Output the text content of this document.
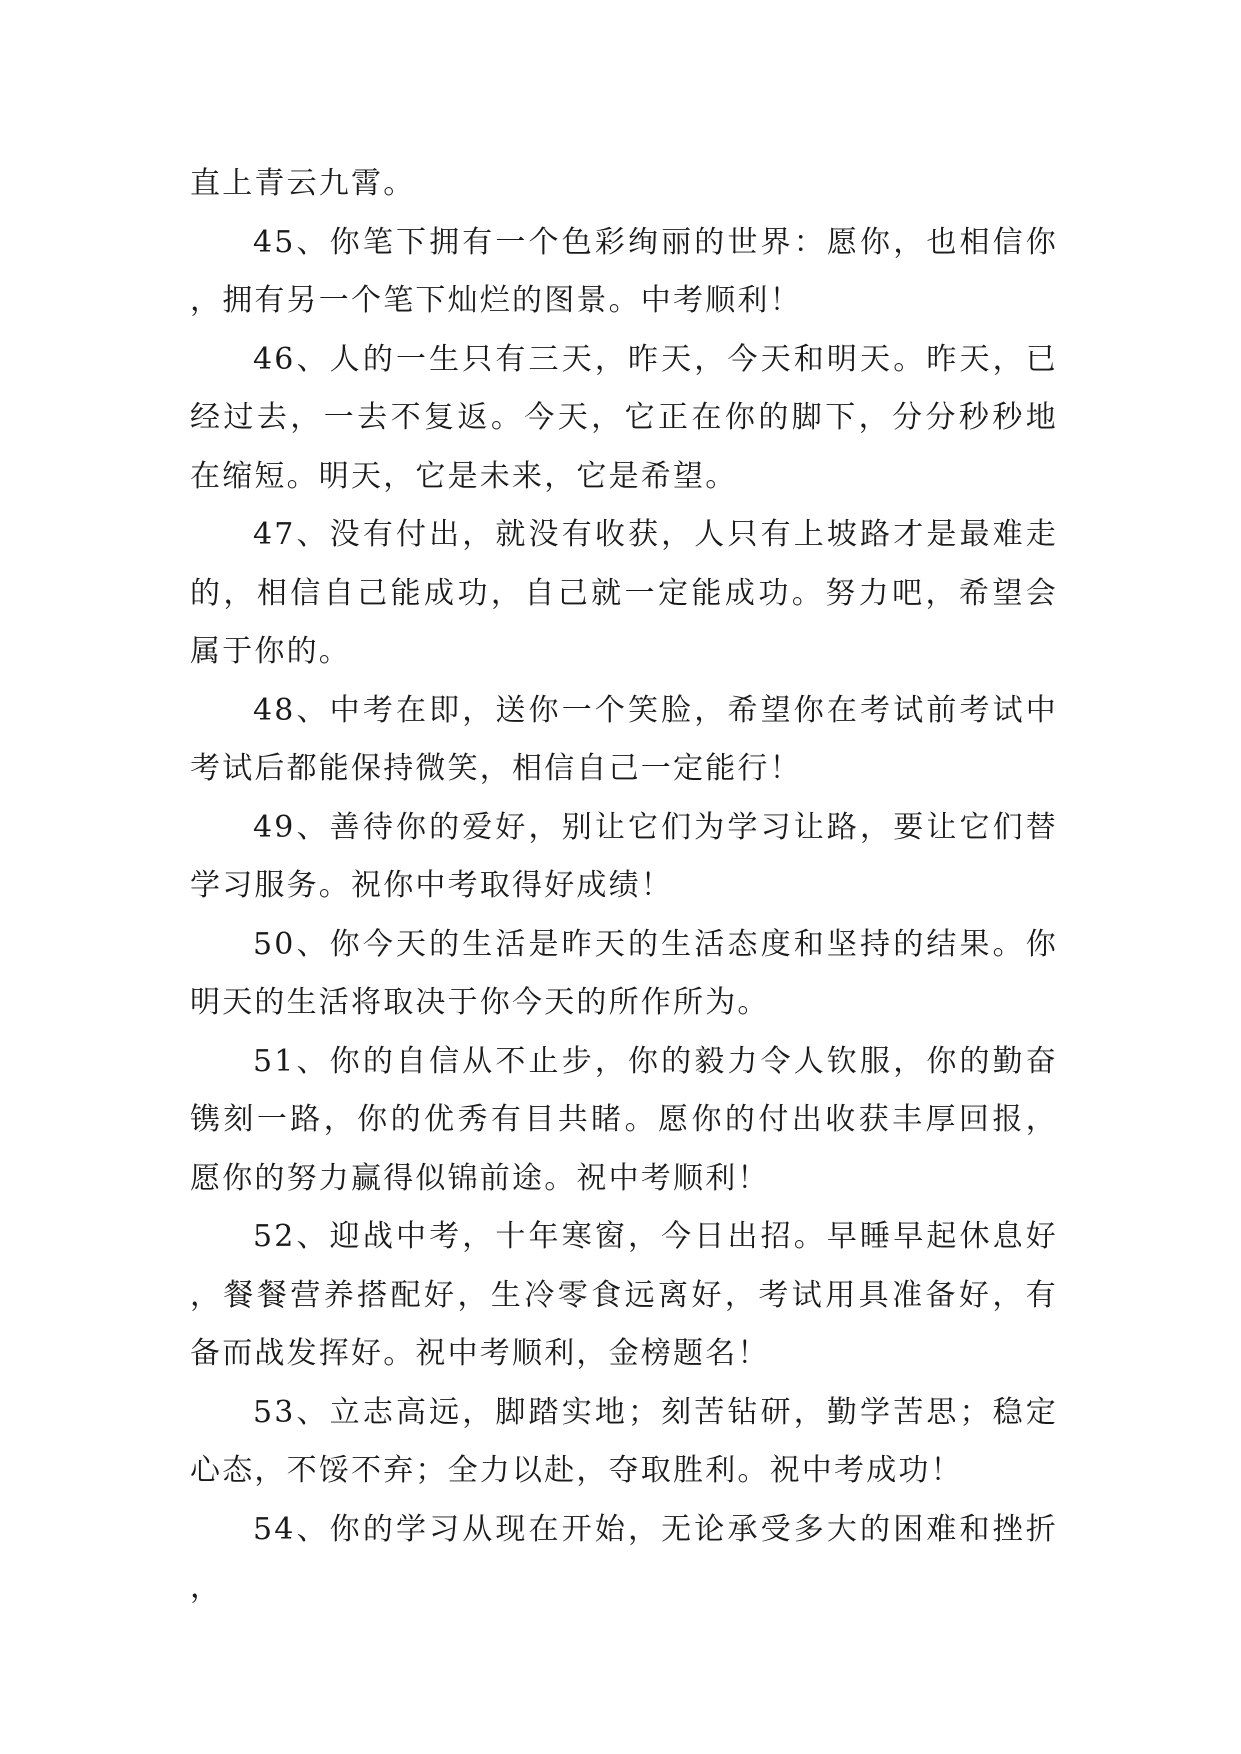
直上青云九霄。

45、你笔下拥有一个色彩绚丽的世界：愿你，也相信你，拥有另一个笔下灿烂的图景。中考顺利！

46、人的一生只有三天，昨天，今天和明天。昨天，已经过去，一去不复返。今天，它正在你的脚下，分分秒秒地在缩短。明天，它是未来，它是希望。

47、没有付出，就没有收获，人只有上坡路才是最难走的，相信自己能成功，自己就一定能成功。努力吧，希望会属于你的。

48、中考在即，送你一个笑脸，希望你在考试前考试中考试后都能保持微笑，相信自己一定能行！

49、善待你的爱好，别让它们为学习让路，要让它们替学习服务。祝你中考取得好成绩！

50、你今天的生活是昨天的生活态度和坚持的结果。你明天的生活将取决于你今天的所作所为。

51、你的自信从不止步，你的毅力令人钦服，你的勤奋镌刻一路，你的优秀有目共睹。愿你的付出收获丰厚回报，愿你的努力赢得似锦前途。祝中考顺利！

52、迎战中考，十年寒窗，今日出招。早睡早起休息好，餐餐营养搭配好，生冷零食远离好，考试用具准备好，有备而战发挥好。祝中考顺利，金榜题名！

53、立志高远，脚踏实地；刻苦钻研，勤学苦思；稳定心态，不馁不弃；全力以赴，夺取胜利。祝中考成功！

54、你的学习从现在开始，无论承受多大的困难和挫折，
